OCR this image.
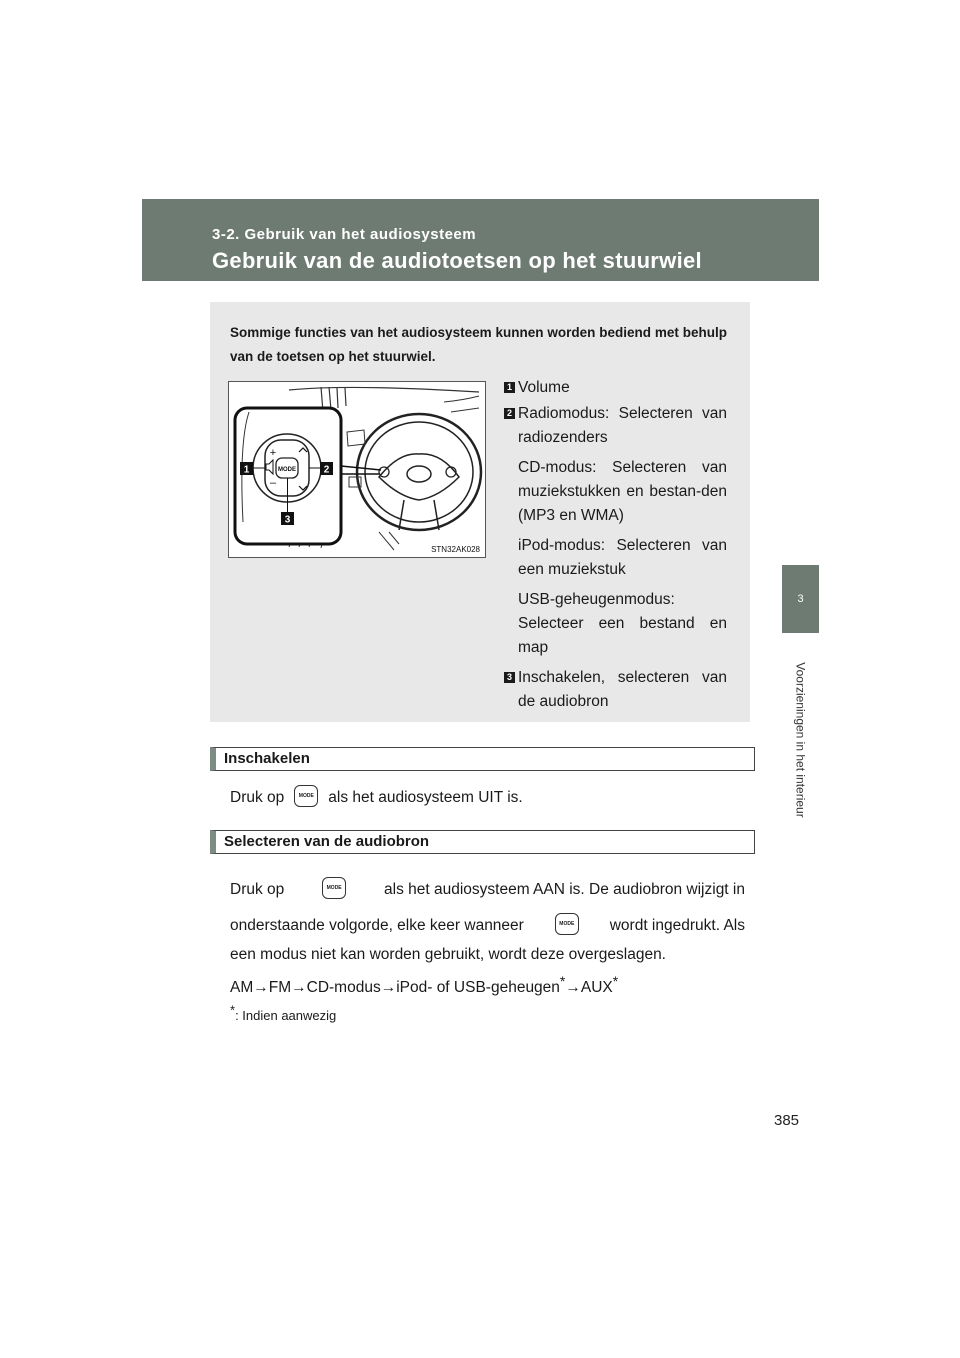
3-2. Gebruik van het audiosysteem
Gebruik van de audiotoetsen op het stuurwiel
3
Voorzieningen in het interieur
Sommige functies van het audiosysteem kunnen worden bediend met behulp van de toetsen op het stuurwiel.
MODE
+
–
1	2
3
STN32AK028
1 Volume
2 Radiomodus: Selecteren van radiozenders
CD-modus: Selecteren van muziekstukken en bestan-den (MP3 en WMA)
iPod-modus: Selecteren van een muziekstuk
USB-geheugenmodus: Selecteer een bestand en map
3 Inschakelen, selecteren van de audiobron
Inschakelen
Druk op	MODE als het audiosysteem UIT is.
Selecteren van de audiobron
Druk op	MODE	als het audiosysteem AAN is. De audiobron wijzigt in
onderstaande volgorde, elke keer wanneer	MODE wordt ingedrukt. Als
een modus niet kan worden gebruikt, wordt deze overgeslagen.
AM→FM→CD-modus→iPod- of USB-geheugen*→AUX*
*: Indien aanwezig
385
